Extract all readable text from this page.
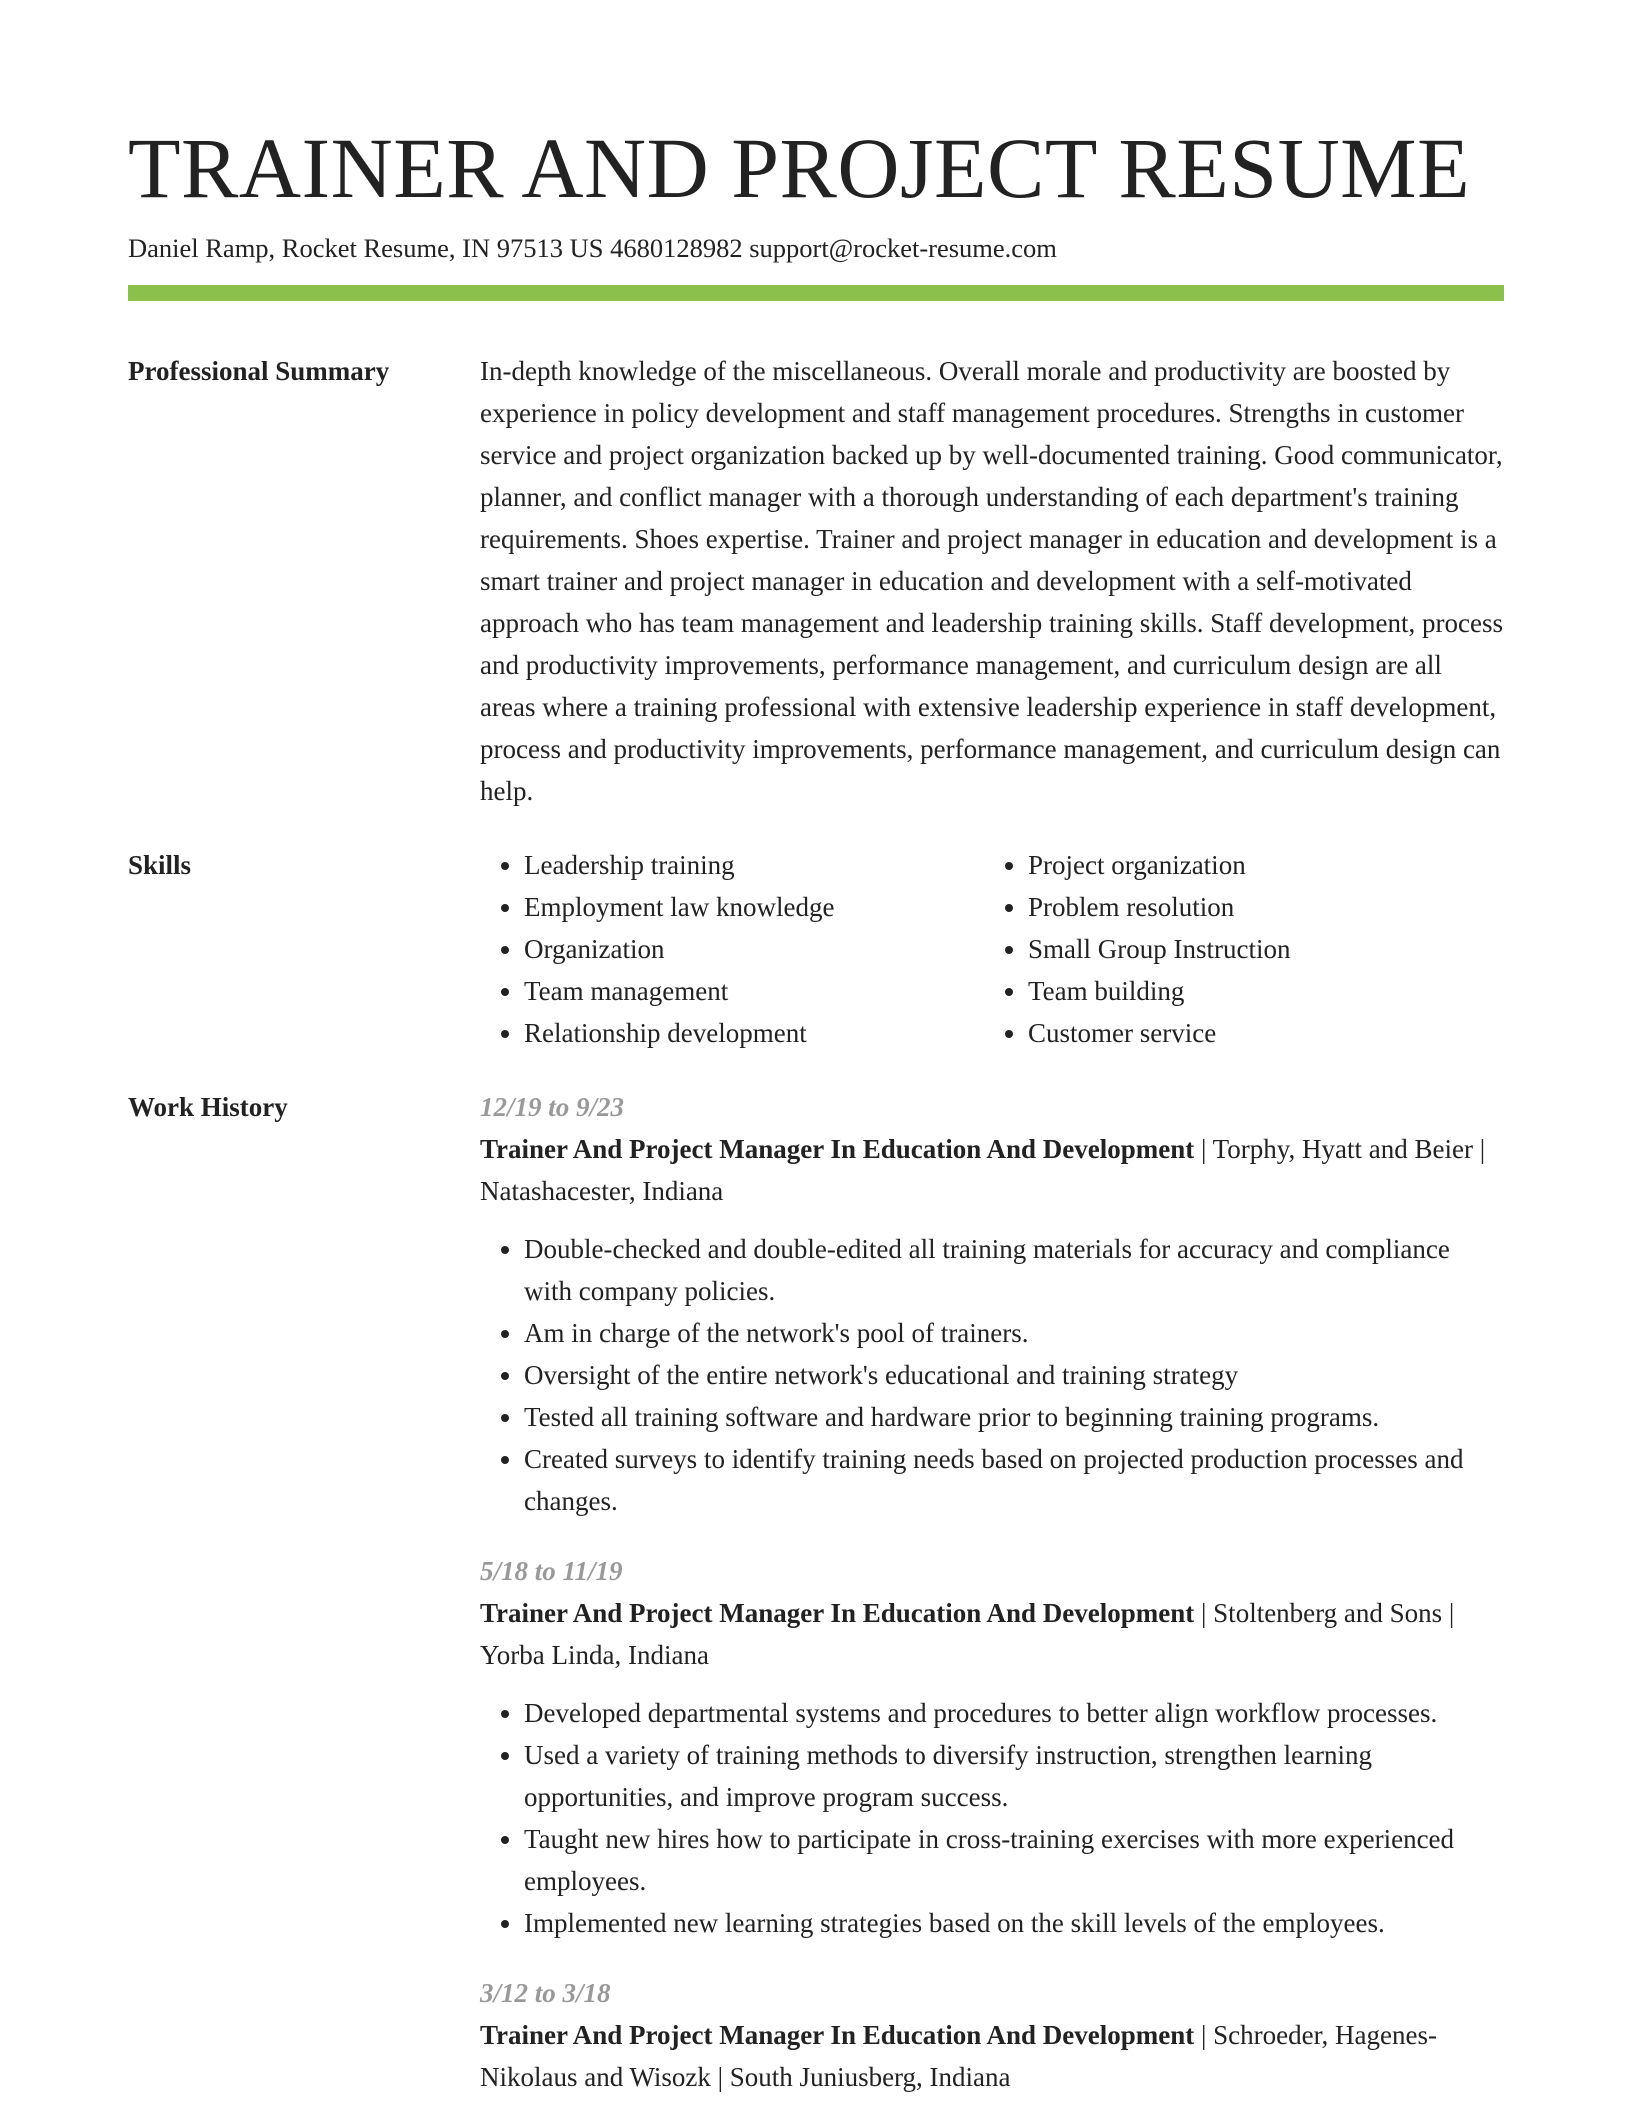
TRAINER AND PROJECT RESUME
Daniel Ramp, Rocket Resume, IN 97513 US 4680128982 support@rocket-resume.com
Professional Summary	In-depth knowledge of the miscellaneous. Overall morale and productivity are boosted by experience in policy development and staff management procedures. Strengths in customer service and project organization backed up by well-documented training. Good communicator, planner, and conflict manager with a thorough understanding of each department's training requirements. Shoes expertise. Trainer and project manager in education and development is a smart trainer and project manager in education and development with a self-motivated approach who has team management and leadership training skills. Staff development, process and productivity improvements, performance management, and curriculum design are all areas where a training professional with extensive leadership experience in staff development, process and productivity improvements, performance management, and curriculum design can help.

Skills
•	Leadership training
• Employment law knowledge
• Organization
• Team management
• Relationship development
• Project organization
• Problem resolution
• Small Group Instruction
• Team building
• Customer service
Work History	12/19 to 9/23
Trainer And Project Manager In Education And Development | Torphy, Hyatt and Beier | Natashacester, Indiana
• Double-checked and double-edited all training materials for accuracy and compliance with company policies.
• Am in charge of the network's pool of trainers.
• Oversight of the entire network's educational and training strategy
• Tested all training software and hardware prior to beginning training programs.
• Created surveys to identify training needs based on projected production processes and changes.
5/18 to 11/19
Trainer And Project Manager In Education And Development | Stoltenberg and Sons | Yorba Linda, Indiana
• Developed departmental systems and procedures to better align workflow processes.
• Used a variety of training methods to diversify instruction, strengthen learning opportunities, and improve program success.
• Taught new hires how to participate in cross-training exercises with more experienced employees.
• Implemented new learning strategies based on the skill levels of the employees.
3/12 to 3/18
Trainer And Project Manager In Education And Development | Schroeder, Hagenes-Nikolaus and Wisozk | South Juniusberg, Indiana
